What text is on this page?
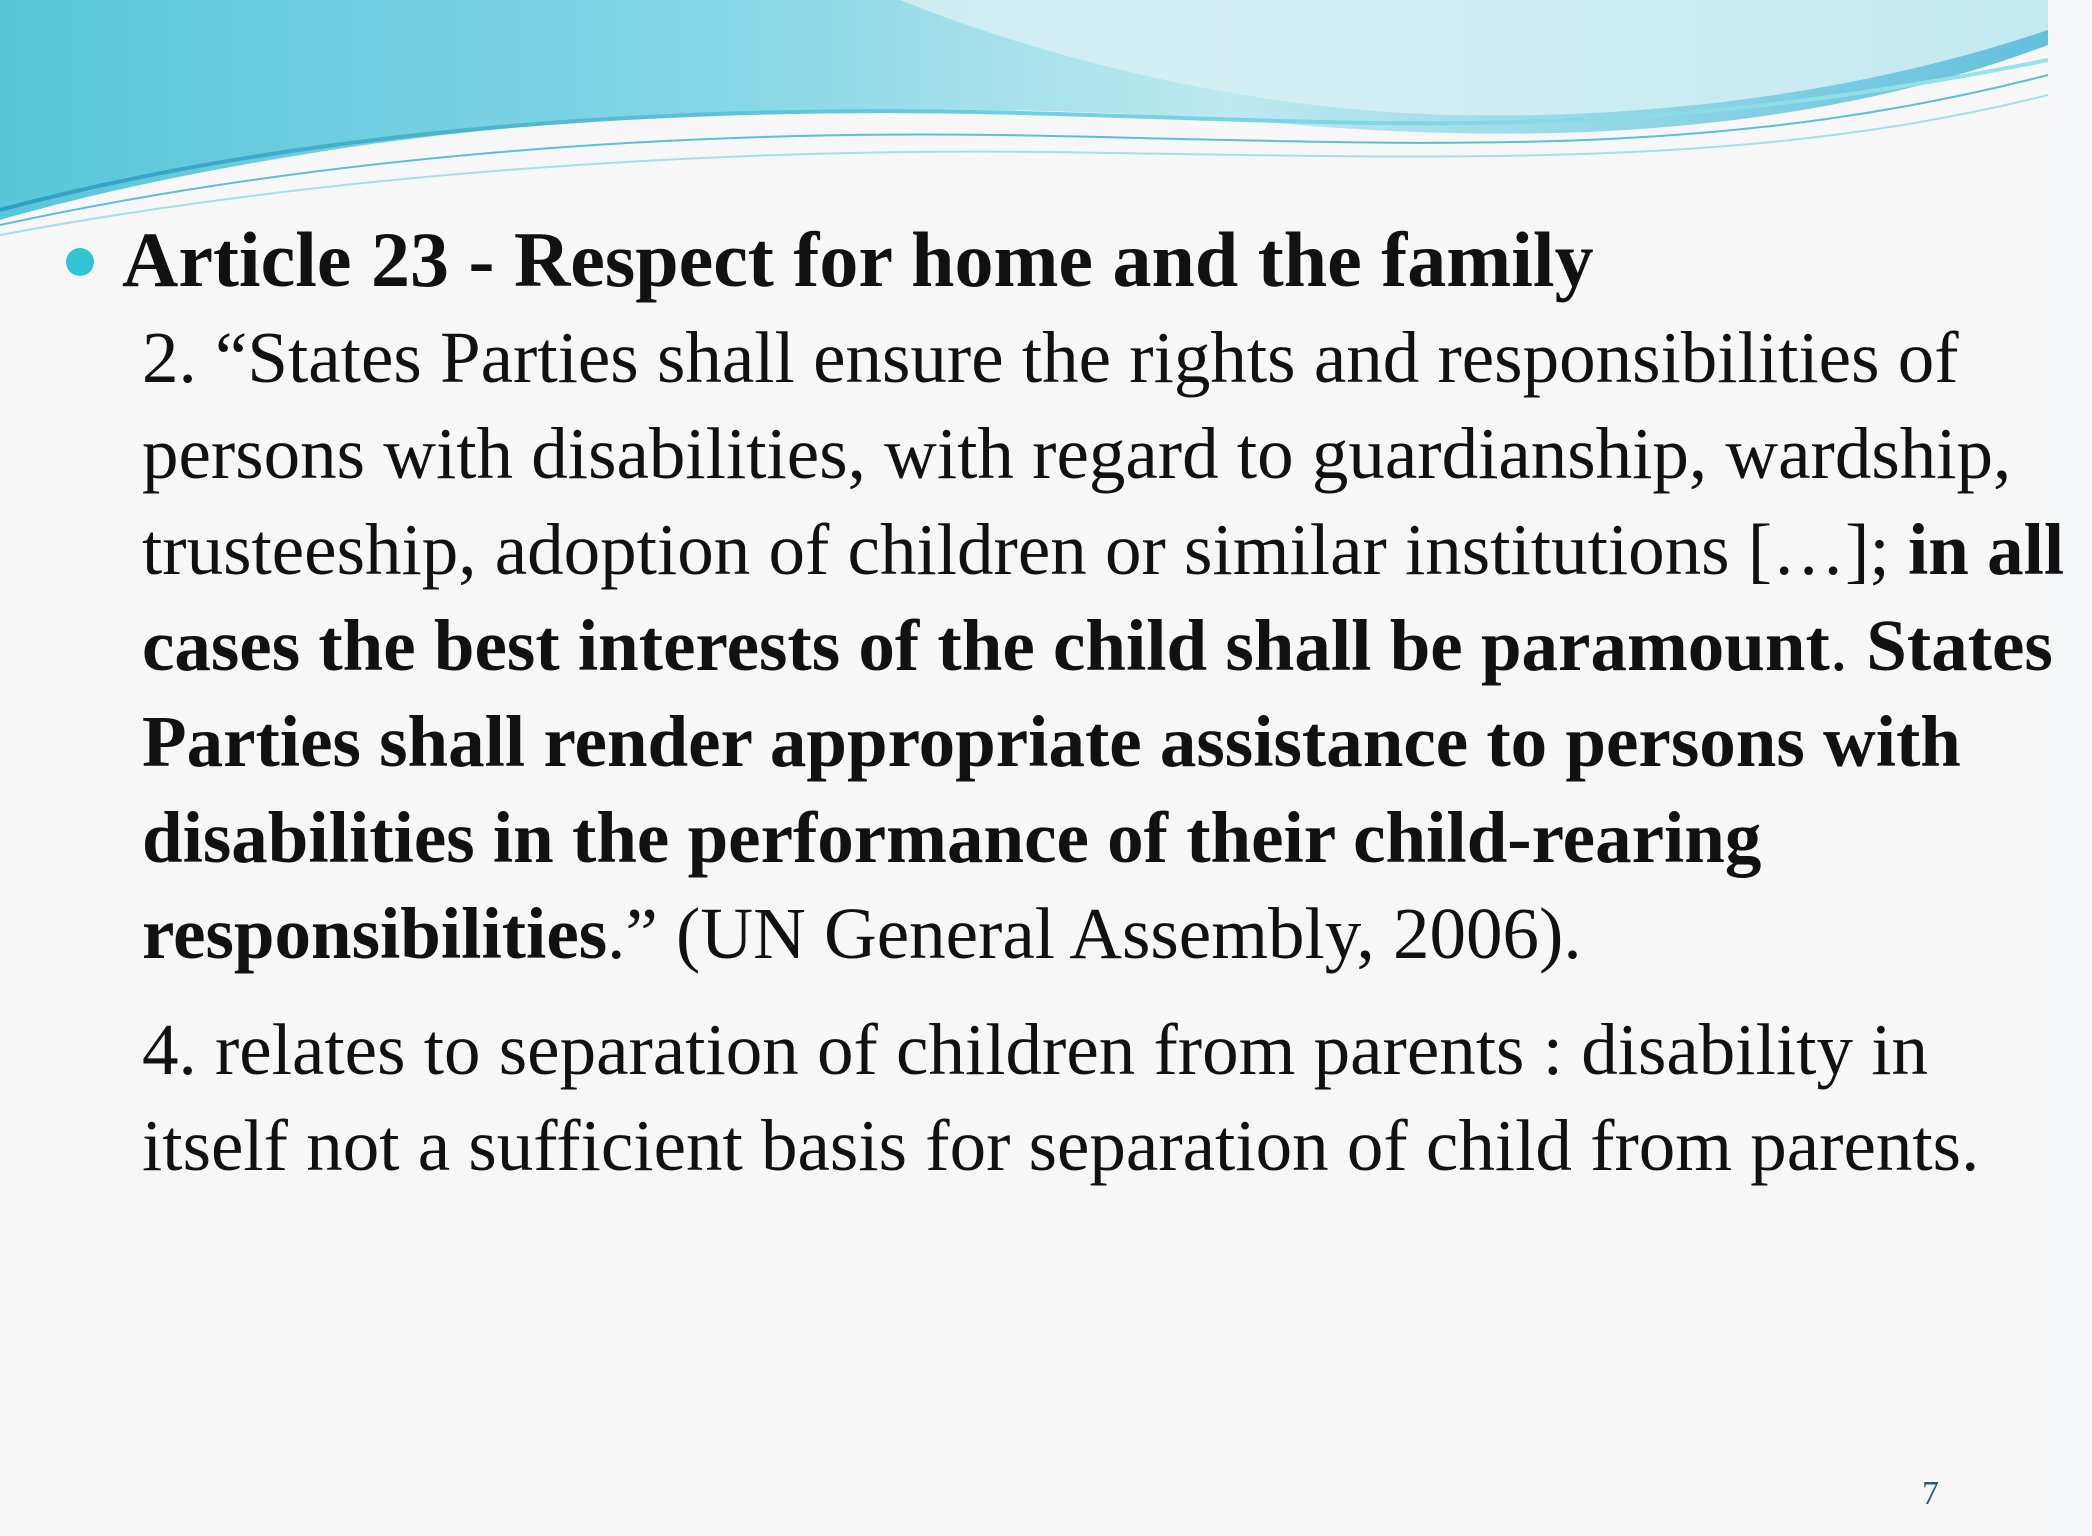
Article 23 - Respect for home and the family
2. “States Parties shall ensure the rights and responsibilities of persons with disabilities, with regard to guardianship, wardship, trusteeship, adoption of children or similar institutions […]; in all cases the best interests of the child shall be paramount. States Parties shall render appropriate assistance to persons with disabilities in the performance of their child-rearing responsibilities.” (UN General Assembly, 2006).
4. relates to separation of children from parents : disability in itself not a sufficient basis for separation of child from parents.
7
